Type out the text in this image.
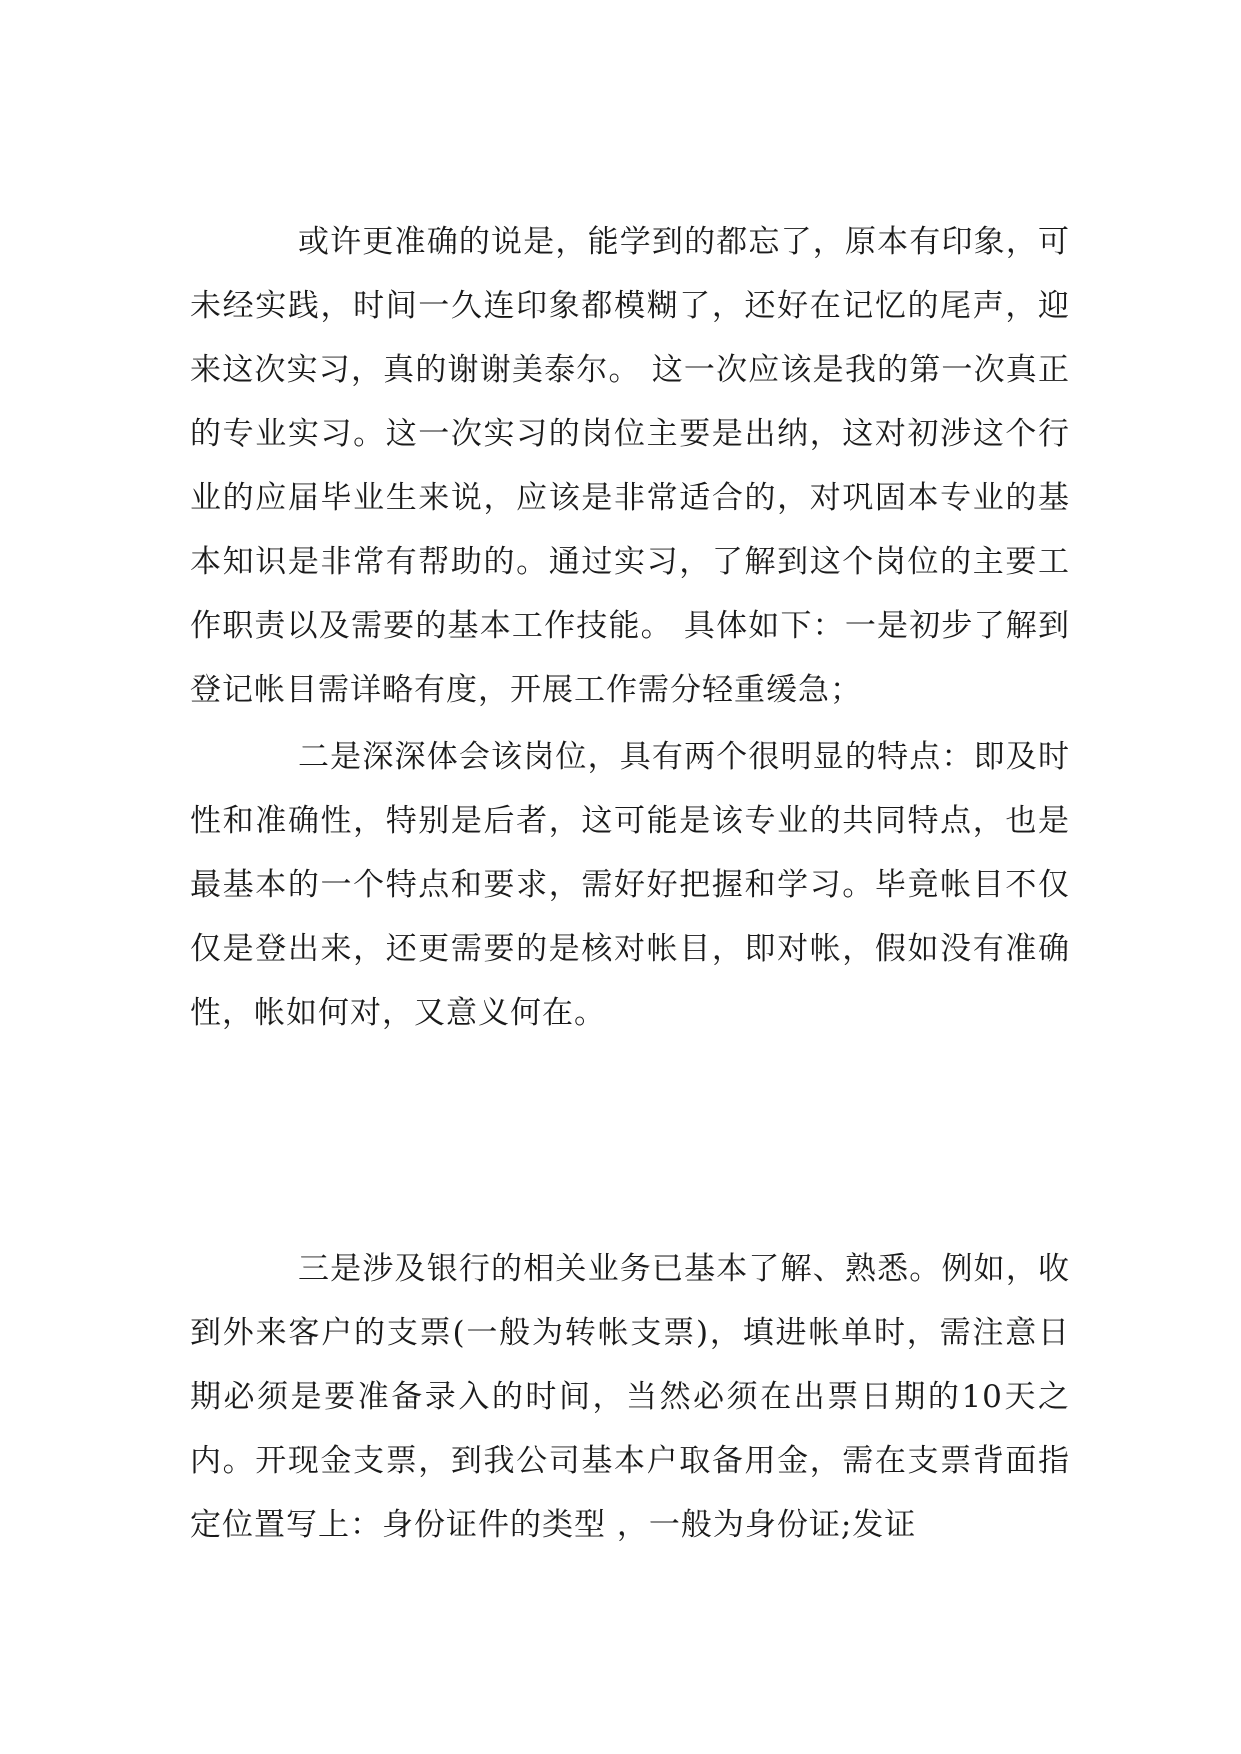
或许更准确的说是，能学到的都忘了，原本有印象，可未经实践，时间一久连印象都模糊了，还好在记忆的尾声，迎来这次实习，真的谢谢美泰尔。 这一次应该是我的第一次真正的专业实习。这一次实习的岗位主要是出纳，这对初涉这个行业的应届毕业生来说，应该是非常适合的，对巩固本专业的基本知识是非常有帮助的。通过实习，了解到这个岗位的主要工作职责以及需要的基本工作技能。 具体如下：一是初步了解到登记帐目需详略有度，开展工作需分轻重缓急；

二是深深体会该岗位，具有两个很明显的特点：即及时性和准确性，特别是后者，这可能是该专业的共同特点，也是最基本的一个特点和要求，需好好把握和学习。毕竟帐目不仅仅是登出来，还更需要的是核对帐目，即对帐，假如没有准确性，帐如何对，又意义何在。

三是涉及银行的相关业务已基本了解、熟悉。例如，收到外来客户的支票(一般为转帐支票)，填进帐单时，需注意日期必须是要准备录入的时间，当然必须在出票日期的10天之内。开现金支票，到我公司基本户取备用金，需在支票背面指定位置写上：身份证件的类型 ，一般为身份证;发证
